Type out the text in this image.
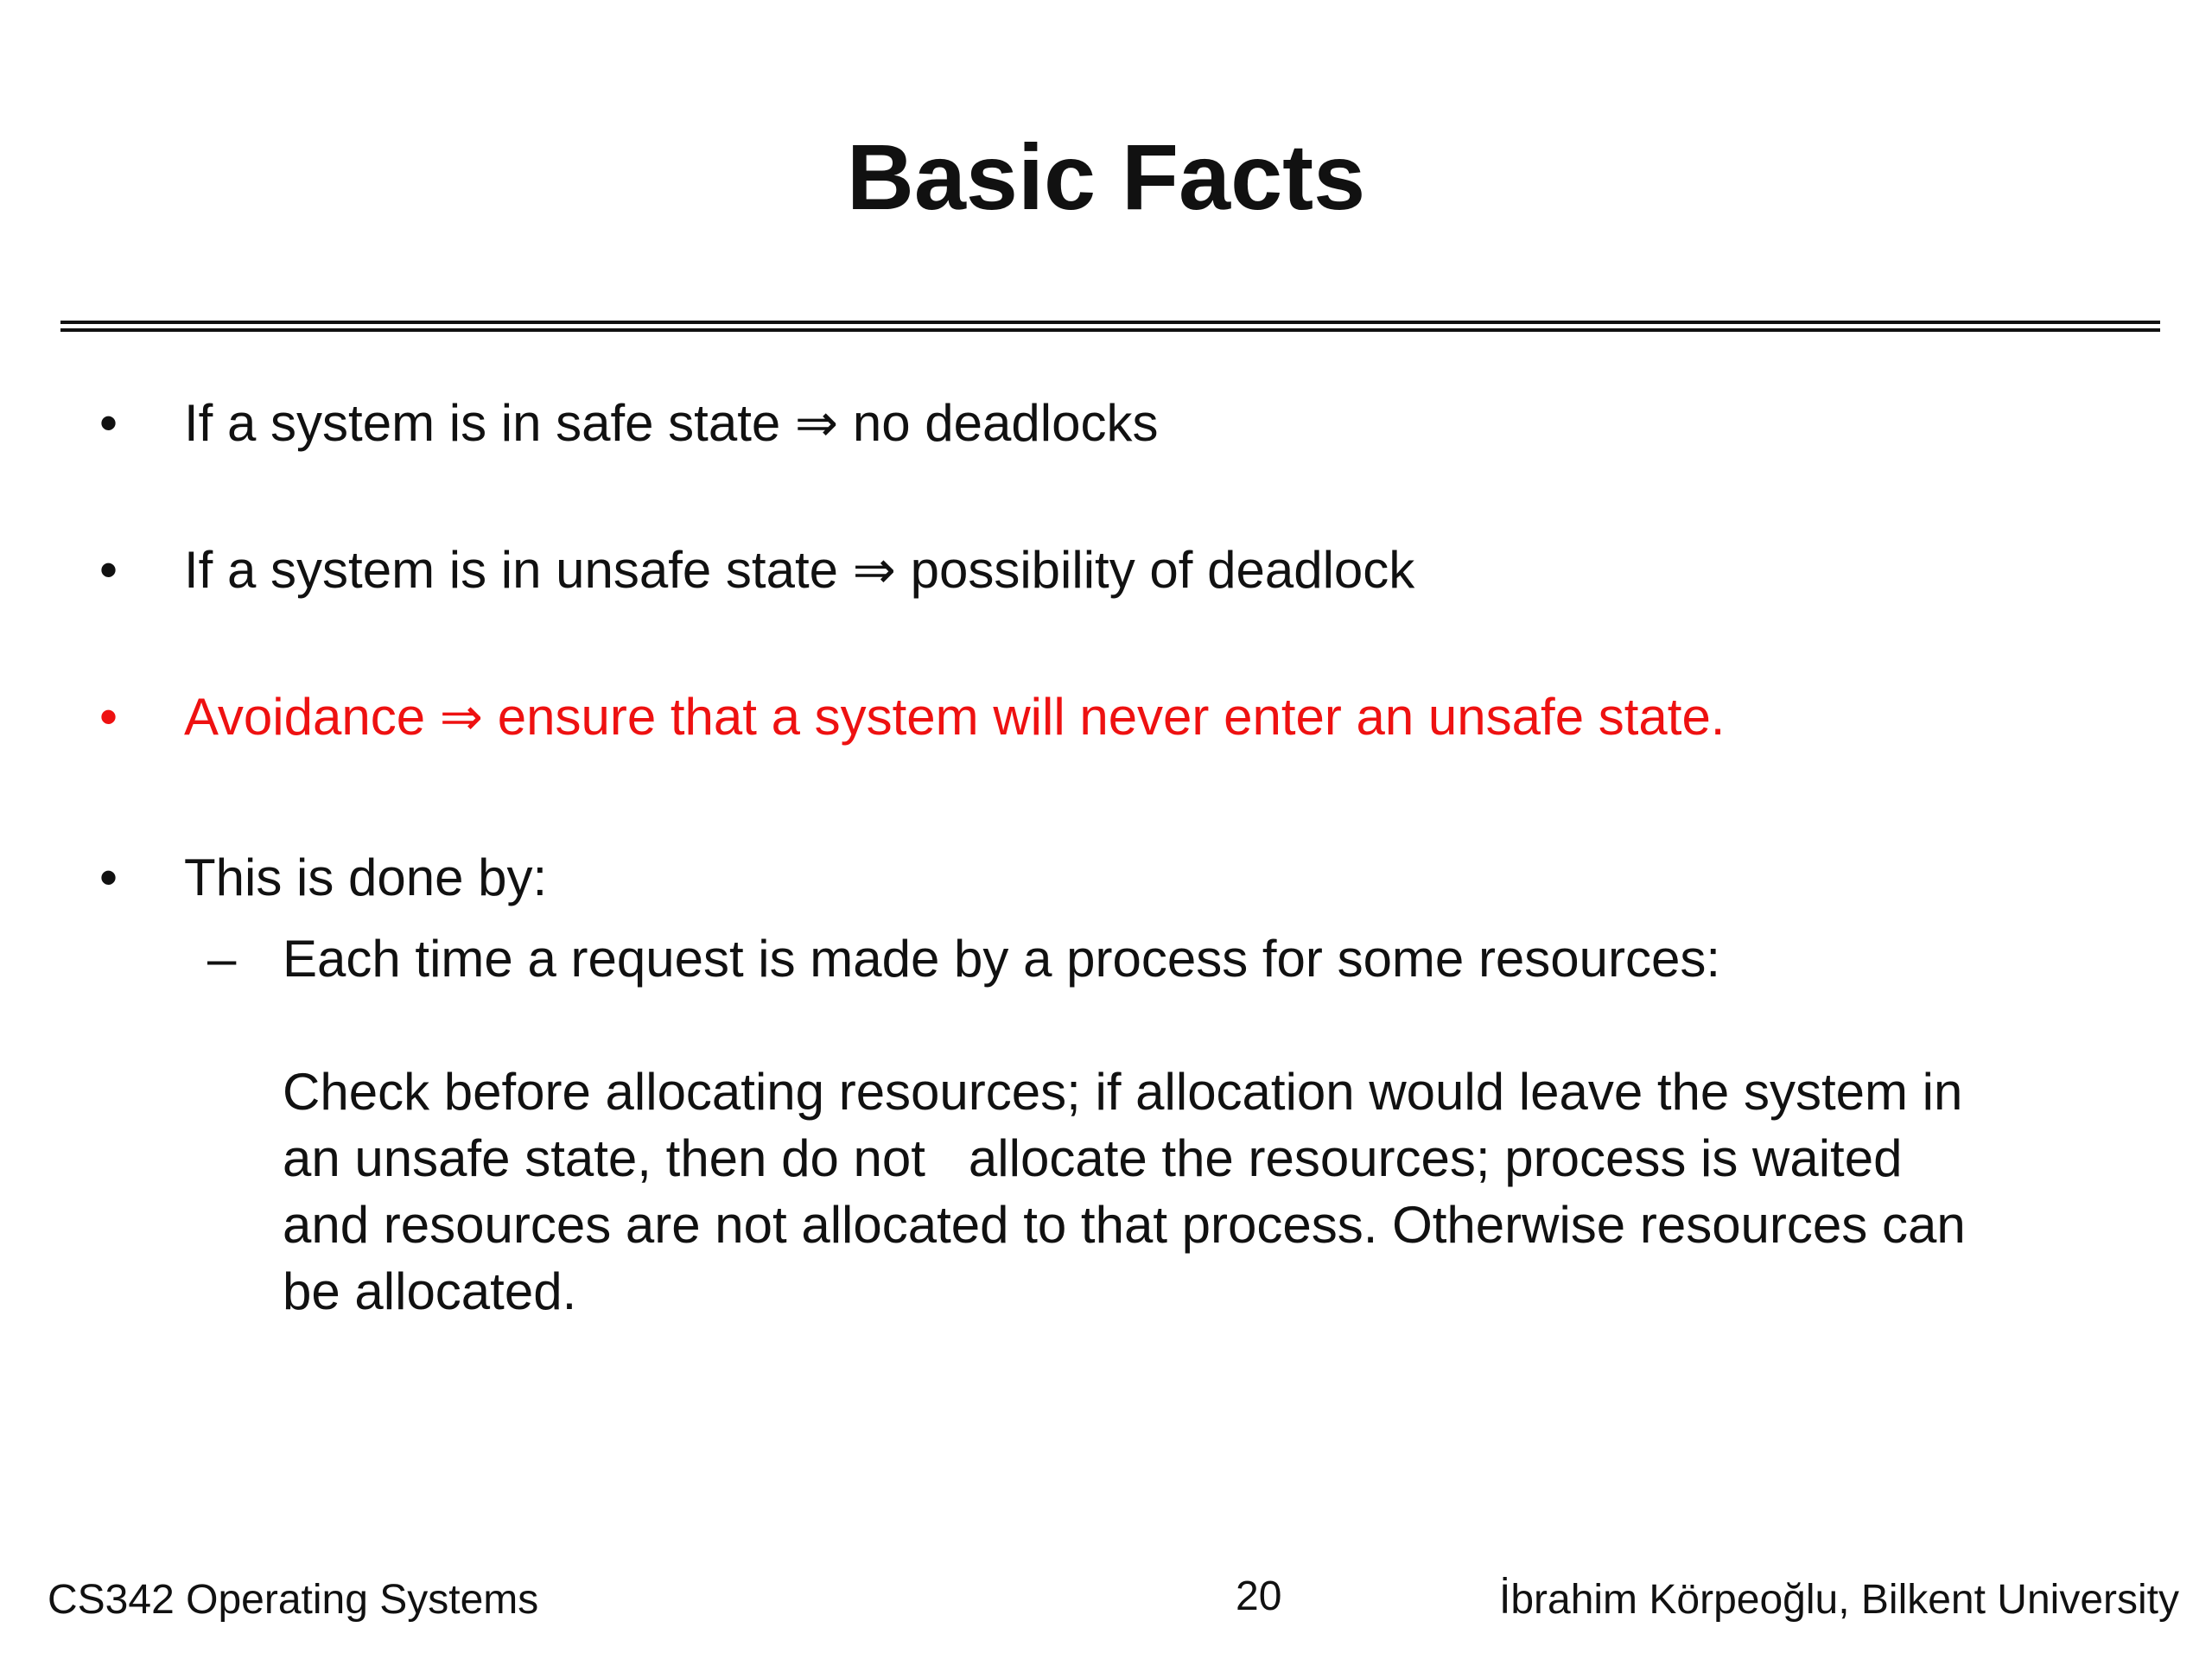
Basic Facts
• If a system is in safe state ⇒ no deadlocks
• If a system is in unsafe state ⇒ possibility of deadlock
• Avoidance ⇒ ensure that a system will never enter an unsafe state.
• This is done by:
– Each time a request is made by a process for some resources:

Check before allocating resources; if allocation would leave the system in
an unsafe state, then do not   allocate the resources; process is waited
and resources are not allocated to that process. Otherwise resources can
be allocated.

CS342 Operating Systems	20	İbrahim Körpeoğlu, Bilkent University
